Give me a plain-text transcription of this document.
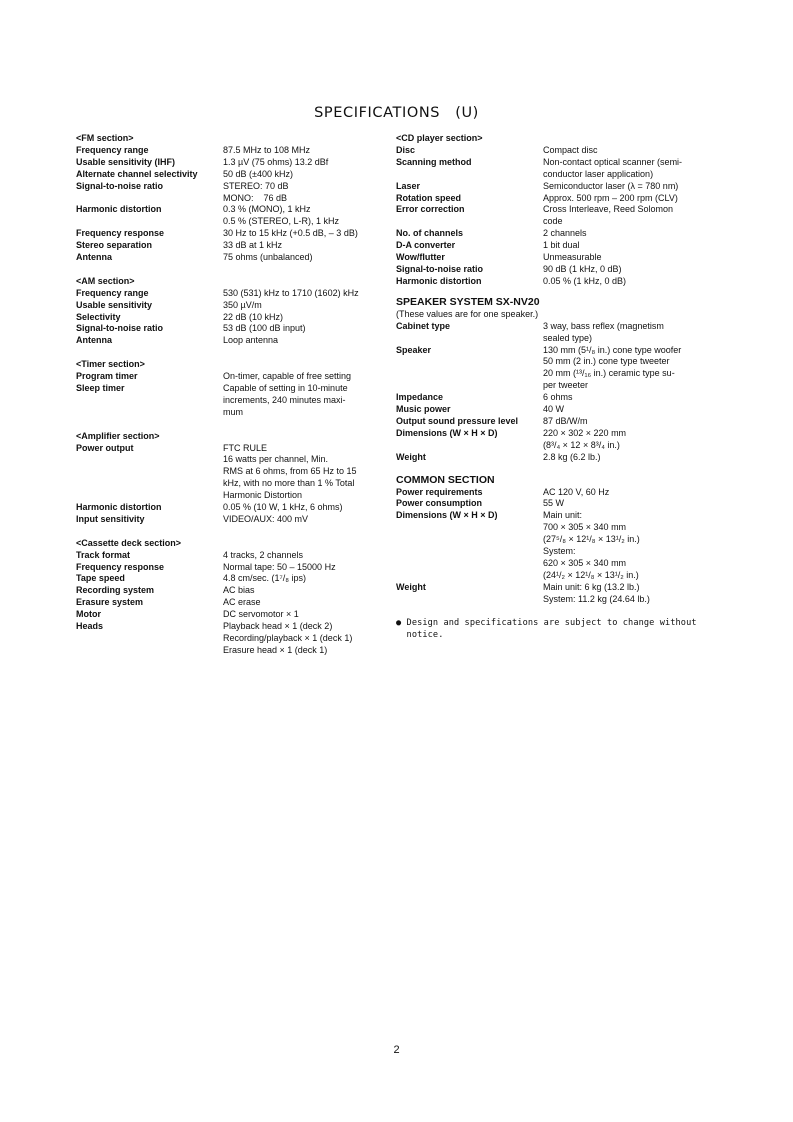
SPECIFICATIONS　(U)
<FM section>
Frequency range	87.5 MHz to 108 MHz
Usable sensitivity (IHF)	1.3 µV (75 ohms) 13.2 dBf
Alternate channel selectivity	50 dB (±400 kHz)
Signal-to-noise ratio	STEREO: 70 dB
MONO:    76 dB
Harmonic distortion	0.3 % (MONO), 1 kHz
0.5 % (STEREO, L-R), 1 kHz
Frequency response	30 Hz to 15 kHz (+0.5 dB, – 3 dB)
Stereo separation	33 dB at 1 kHz
Antenna	75 ohms (unbalanced)
<AM section>
Frequency range	530 (531) kHz to 1710 (1602) kHz
Usable sensitivity	350 µV/m
Selectivity	22 dB (10 kHz)
Signal-to-noise ratio	53 dB (100 dB input)
Antenna	Loop antenna
<Timer section>
Program timer	On-timer, capable of free setting
Sleep timer	Capable of setting in 10-minute
increments, 240 minutes maxi-
mum
<Amplifier section>
Power output	FTC RULE
16 watts per channel, Min.
RMS at 6 ohms, from 65 Hz to 15
kHz, with no more than 1 % Total
Harmonic Distortion
Harmonic distortion	0.05 % (10 W, 1 kHz, 6 ohms)
Input sensitivity	VIDEO/AUX: 400 mV
<Cassette deck section>
Track format	4 tracks, 2 channels
Frequency response	Normal tape: 50 – 15000 Hz
Tape speed	4.8 cm/sec. (1⁷/₈ ips)
Recording system	AC bias
Erasure system	AC erase
Motor	DC servomotor × 1
Heads	Playback head × 1 (deck 2)
Recording/playback × 1 (deck 1)
Erasure head × 1 (deck 1)
<CD player section>
Disc	Compact disc
Scanning method	Non-contact optical scanner (semi-
conductor laser application)
Laser	Semiconductor laser (λ = 780 nm)
Rotation speed	Approx. 500 rpm – 200 rpm (CLV)
Error correction	Cross Interleave, Reed Solomon
code
No. of channels	2 channels
D-A converter	1 bit dual
Wow/flutter	Unmeasurable
Signal-to-noise ratio	90 dB (1 kHz, 0 dB)
Harmonic distortion	0.05 % (1 kHz, 0 dB)
SPEAKER SYSTEM SX-NV20
(These values are for one speaker.)
Cabinet type	3 way, bass reflex (magnetism
sealed type)
Speaker	130 mm (5¹/₈ in.) cone type woofer
50 mm (2 in.) cone type tweeter
20 mm (¹³/₁₆ in.) ceramic type su-
per tweeter
Impedance	6 ohms
Music power	40 W
Output sound pressure level	87 dB/W/m
Dimensions (W × H × D)	220 × 302 × 220 mm
(8³/₄ × 12 × 8³/₄ in.)
Weight	2.8 kg (6.2 lb.)
COMMON SECTION
Power requirements	AC 120 V, 60 Hz
Power consumption	55 W
Dimensions (W × H × D)	Main unit:
700 × 305 × 340 mm
(27⁵/₈ × 12¹/₈ × 13¹/₂ in.)
System:
620 × 305 × 340 mm
(24¹/₂ × 12¹/₈ × 13¹/₂ in.)
Weight	Main unit: 6 kg (13.2 lb.)
System: 11.2 kg (24.64 lb.)
● Design and specifications are subject to change without
notice.
2
